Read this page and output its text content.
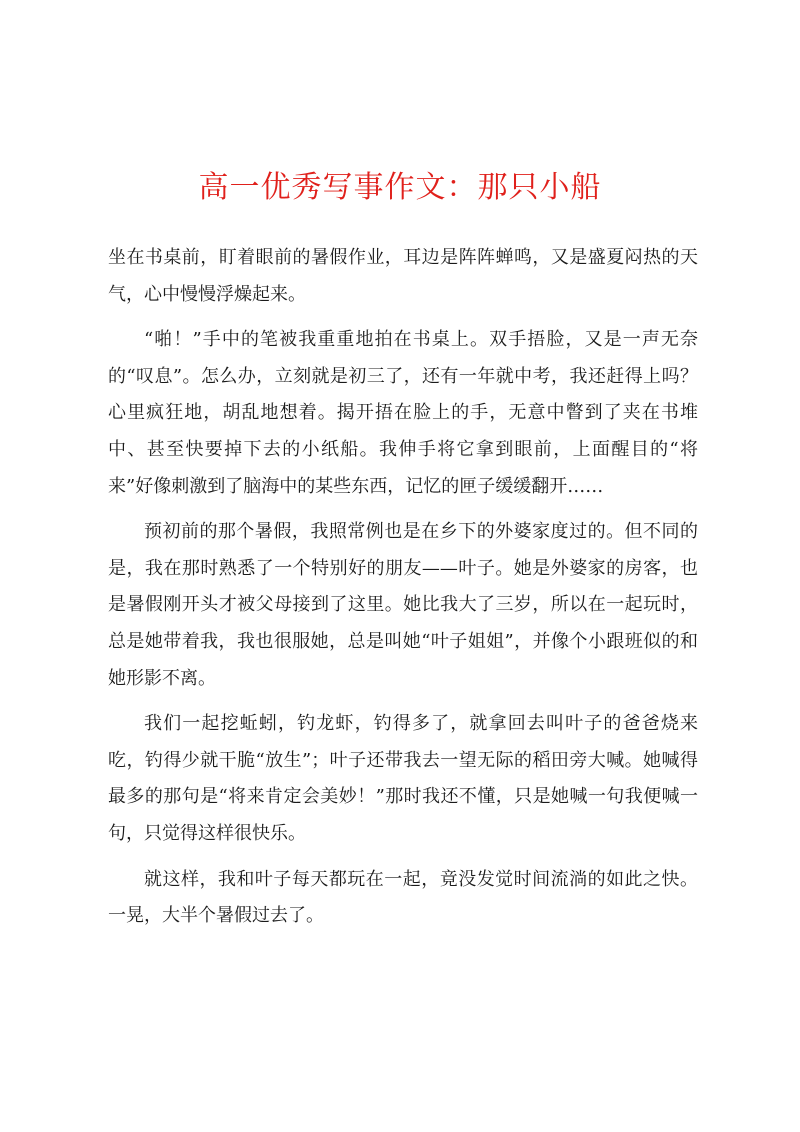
高一优秀写事作文：那只小船

坐在书桌前，盯着眼前的暑假作业，耳边是阵阵蝉鸣，又是盛夏闷热的天气，心中慢慢浮燥起来。

“啪！”手中的笔被我重重地拍在书桌上。双手捂脸，又是一声无奈的“叹息”。怎么办，立刻就是初三了，还有一年就中考，我还赶得上吗？心里疯狂地，胡乱地想着。揭开捂在脸上的手，无意中瞥到了夹在书堆中、甚至快要掉下去的小纸船。我伸手将它拿到眼前，上面醒目的“将来”好像刺激到了脑海中的某些东西，记忆的匣子缓缓翻开……

预初前的那个暑假，我照常例也是在乡下的外婆家度过的。但不同的是，我在那时熟悉了一个特别好的朋友——叶子。她是外婆家的房客，也是暑假刚开头才被父母接到了这里。她比我大了三岁，所以在一起玩时，总是她带着我，我也很服她，总是叫她“叶子姐姐”，并像个小跟班似的和她形影不离。

我们一起挖蚯蚓，钓龙虾，钓得多了，就拿回去叫叶子的爸爸烧来吃，钓得少就干脆“放生”；叶子还带我去一望无际的稻田旁大喊。她喊得最多的那句是“将来肯定会美妙！”那时我还不懂，只是她喊一句我便喊一句，只觉得这样很快乐。

就这样，我和叶子每天都玩在一起，竟没发觉时间流淌的如此之快。一晃，大半个暑假过去了。
